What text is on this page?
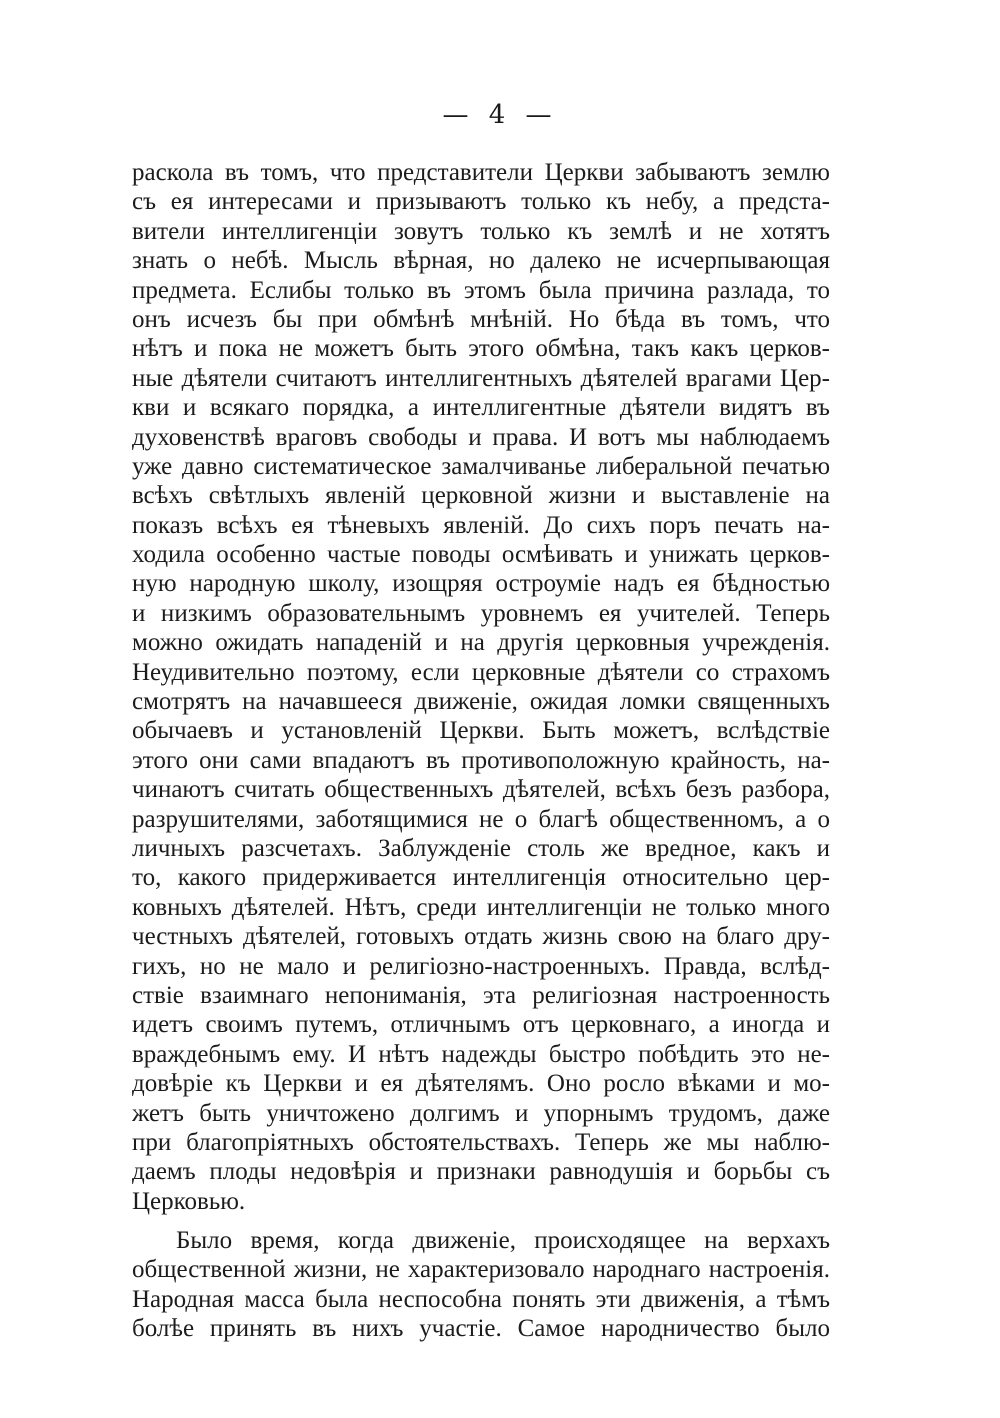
— 4 —
раскола въ томъ, что представители Церкви забываютъ землю
съ ея интересами и призываютъ только къ небу, а предста-
вители интеллигенціи зовутъ только къ землѣ и не хотятъ
знать о небѣ. Мысль вѣрная, но далеко не исчерпывающая
предмета. Еслибы только въ этомъ была причина разлада, то
онъ исчезъ бы при обмѣнѣ мнѣній. Но бѣда въ томъ, что
нѣтъ и пока не можетъ быть этого обмѣна, такъ какъ церков-
ные дѣятели считаютъ интеллигентныхъ дѣятелей врагами Цер-
кви и всякаго порядка, а интеллигентные дѣятели видятъ въ
духовенствѣ враговъ свободы и права. И вотъ мы наблюдаемъ
уже давно систематическое замалчиванье либеральной печатью
всѣхъ свѣтлыхъ явленій церковной жизни и выставленіе на
показъ всѣхъ ея тѣневыхъ явленій. До сихъ поръ печать на-
ходила особенно частые поводы осмѣивать и унижать церков-
ную народную школу, изощряя остроуміе надъ ея бѣдностью
и низкимъ образовательнымъ уровнемъ ея учителей. Теперь
можно ожидать нападеній и на другія церковныя учрежденія.
Неудивительно поэтому, если церковные дѣятели со страхомъ
смотрятъ на начавшееся движеніе, ожидая ломки священныхъ
обычаевъ и установленій Церкви. Быть можетъ, вслѣдствіе
этого они сами впадаютъ въ противоположную крайность, на-
чинаютъ считать общественныхъ дѣятелей, всѣхъ безъ разбора,
разрушителями, заботящимися не о благѣ общественномъ, а о
личныхъ разсчетахъ. Заблужденіе столь же вредное, какъ и
то, какого придерживается интеллигенція относительно цер-
ковныхъ дѣятелей. Нѣтъ, среди интеллигенціи не только много
честныхъ дѣятелей, готовыхъ отдать жизнь свою на благо дру-
гихъ, но не мало и религіозно-настроенныхъ. Правда, вслѣд-
ствіе взаимнаго непониманія, эта религіозная настроенность
идетъ своимъ путемъ, отличнымъ отъ церковнаго, а иногда и
враждебнымъ ему. И нѣтъ надежды быстро побѣдить это не-
довѣріе къ Церкви и ея дѣятелямъ. Оно росло вѣками и мо-
жетъ быть уничтожено долгимъ и упорнымъ трудомъ, даже
при благопріятныхъ обстоятельствахъ. Теперь же мы наблю-
даемъ плоды недовѣрія и признаки равнодушія и борьбы съ
Церковью.
Было время, когда движеніе, происходящее на верхахъ
общественной жизни, не характеризовало народнаго настроенія.
Народная масса была неспособна понять эти движенія, а тѣмъ
болѣе принять въ нихъ участіе. Самое народничество было
